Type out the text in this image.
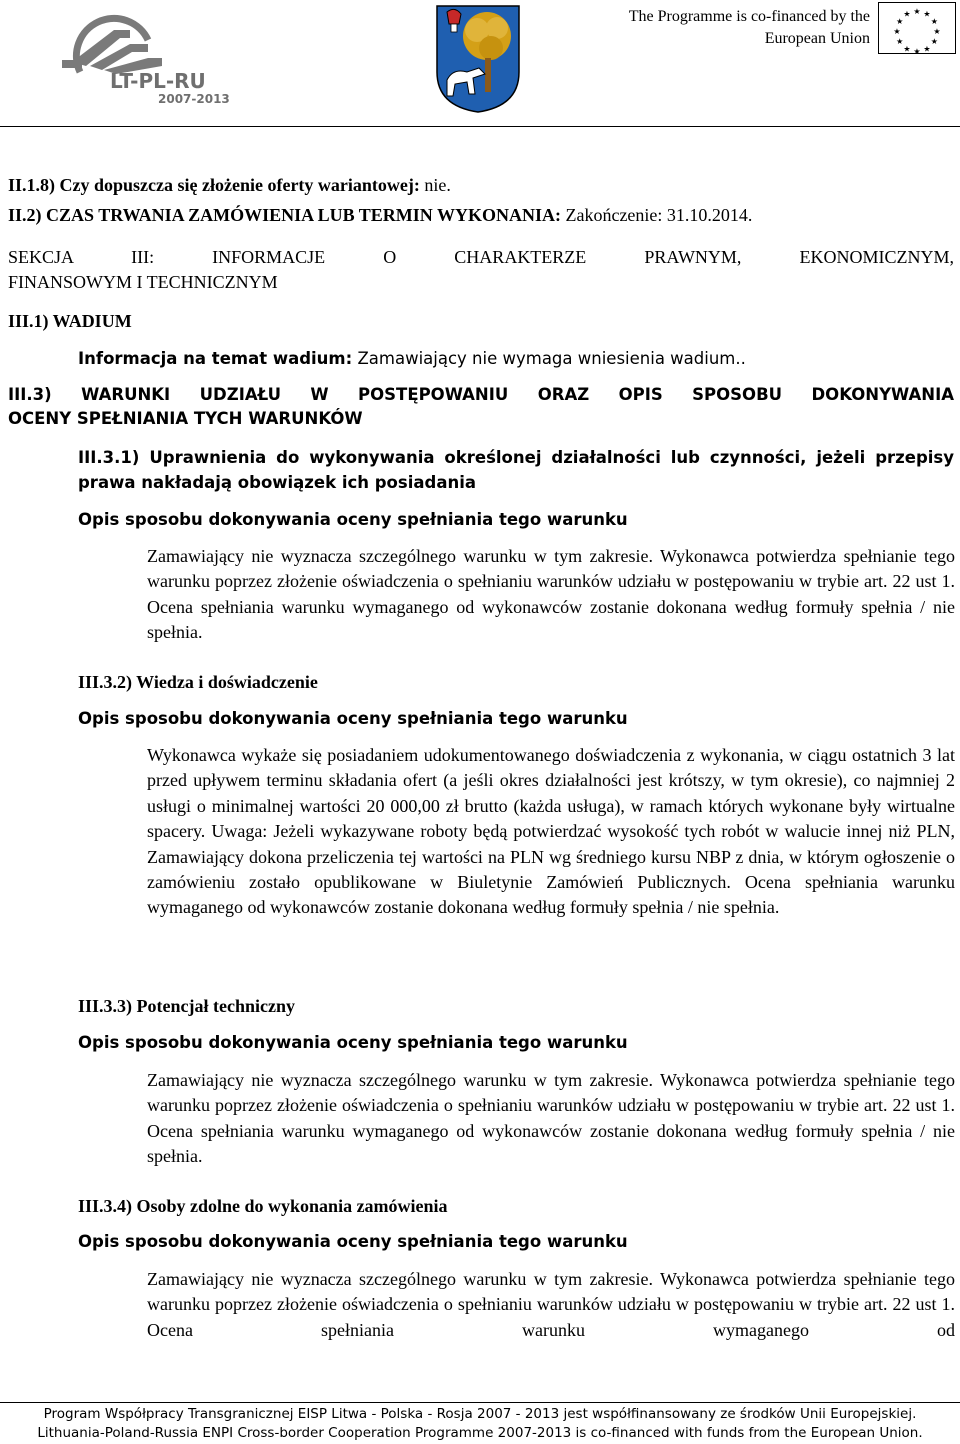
LT-PL-RU
2007-2013
The Programme is co-financed by the
European Union
★ ★
★
★
★
★
★
★
★
★
★
★
II.1.8) Czy dopuszcza się złożenie oferty wariantowej: nie.
II.2) CZAS TRWANIA ZAMÓWIENIA LUB TERMIN WYKONANIA: Zakończenie: 31.10.2014.
SEKCJA III: INFORMACJE O CHARAKTERZE PRAWNYM, EKONOMICZNYM,
FINANSOWYM I TECHNICZNYM
III.1) WADIUM
Informacja na temat wadium: Zamawiający nie wymaga wniesienia wadium..
III.3) WARUNKI UDZIAŁU W POSTĘPOWANIU ORAZ OPIS SPOSOBU DOKONYWANIA
OCENY SPEŁNIANIA TYCH WARUNKÓW
III.3.1) Uprawnienia do wykonywania określonej działalności lub czynności, jeżeli przepisy
prawa nakładają obowiązek ich posiadania
Opis sposobu dokonywania oceny spełniania tego warunku
Zamawiający nie wyznacza szczególnego warunku w tym zakresie. Wykonawca potwierdza spełnianie tego warunku poprzez złożenie oświadczenia o spełnianiu warunków udziału w postępowaniu w trybie art. 22 ust 1. Ocena spełniania warunku wymaganego od wykonawców zostanie dokonana według formuły spełnia / nie spełnia.
III.3.2) Wiedza i doświadczenie
Opis sposobu dokonywania oceny spełniania tego warunku
Wykonawca wykaże się posiadaniem udokumentowanego doświadczenia z wykonania, w ciągu ostatnich 3 lat przed upływem terminu składania ofert (a jeśli okres działalności jest krótszy, w tym okresie), co najmniej 2 usługi o minimalnej wartości 20 000,00 zł brutto (każda usługa), w ramach których wykonane były wirtualne spacery. Uwaga: Jeżeli wykazywane roboty będą potwierdzać wysokość tych robót w walucie innej niż PLN, Zamawiający dokona przeliczenia tej wartości na PLN wg średniego kursu NBP z dnia, w którym ogłoszenie o zamówieniu zostało opublikowane w Biuletynie Zamówień Publicznych. Ocena spełniania warunku wymaganego od wykonawców zostanie dokonana według formuły spełnia / nie spełnia.
III.3.3) Potencjał techniczny
Opis sposobu dokonywania oceny spełniania tego warunku
Zamawiający nie wyznacza szczególnego warunku w tym zakresie. Wykonawca potwierdza spełnianie tego warunku poprzez złożenie oświadczenia o spełnianiu warunków udziału w postępowaniu w trybie art. 22 ust 1. Ocena spełniania warunku wymaganego od wykonawców zostanie dokonana według formuły spełnia / nie spełnia.
III.3.4) Osoby zdolne do wykonania zamówienia
Opis sposobu dokonywania oceny spełniania tego warunku
Zamawiający nie wyznacza szczególnego warunku w tym zakresie. Wykonawca potwierdza spełnianie tego warunku poprzez złożenie oświadczenia o spełnianiu warunków udziału w postępowaniu w trybie art. 22 ust 1. Ocena spełniania warunku wymaganego od
Program Współpracy Transgranicznej EISP Litwa - Polska - Rosja 2007 - 2013 jest współfinansowany ze środków Unii Europejskiej.
Lithuania-Poland-Russia ENPI Cross-border Cooperation Programme 2007-2013 is co-financed with funds from the European Union.
